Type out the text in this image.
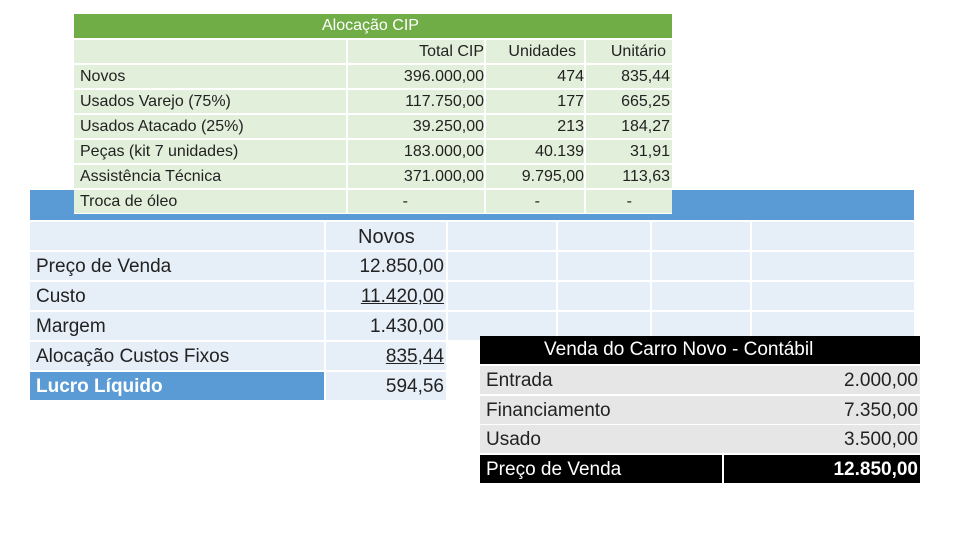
Novos
Preço de Venda	12.850,00
Custo	11.420,00
Margem	1.430,00
Alocação Custos Fixos	835,44
Lucro Líquido	594,56
Alocação CIP
Total CIP Unidades Unitário
Novos	396.000,00	474 835,44
Usados Varejo (75%)	117.750,00	177 665,25
Usados Atacado (25%)	39.250,00	213 184,27
Peças (kit 7 unidades)	183.000,00	40.139	31,91
Assistência Técnica	371.000,00 9.795,00 113,63
Troca de óleo	-	-	-
Venda do Carro Novo - Contábil
Entrada	2.000,00
Financiamento	7.350,00
Usado	3.500,00
Preço de Venda	12.850,00
